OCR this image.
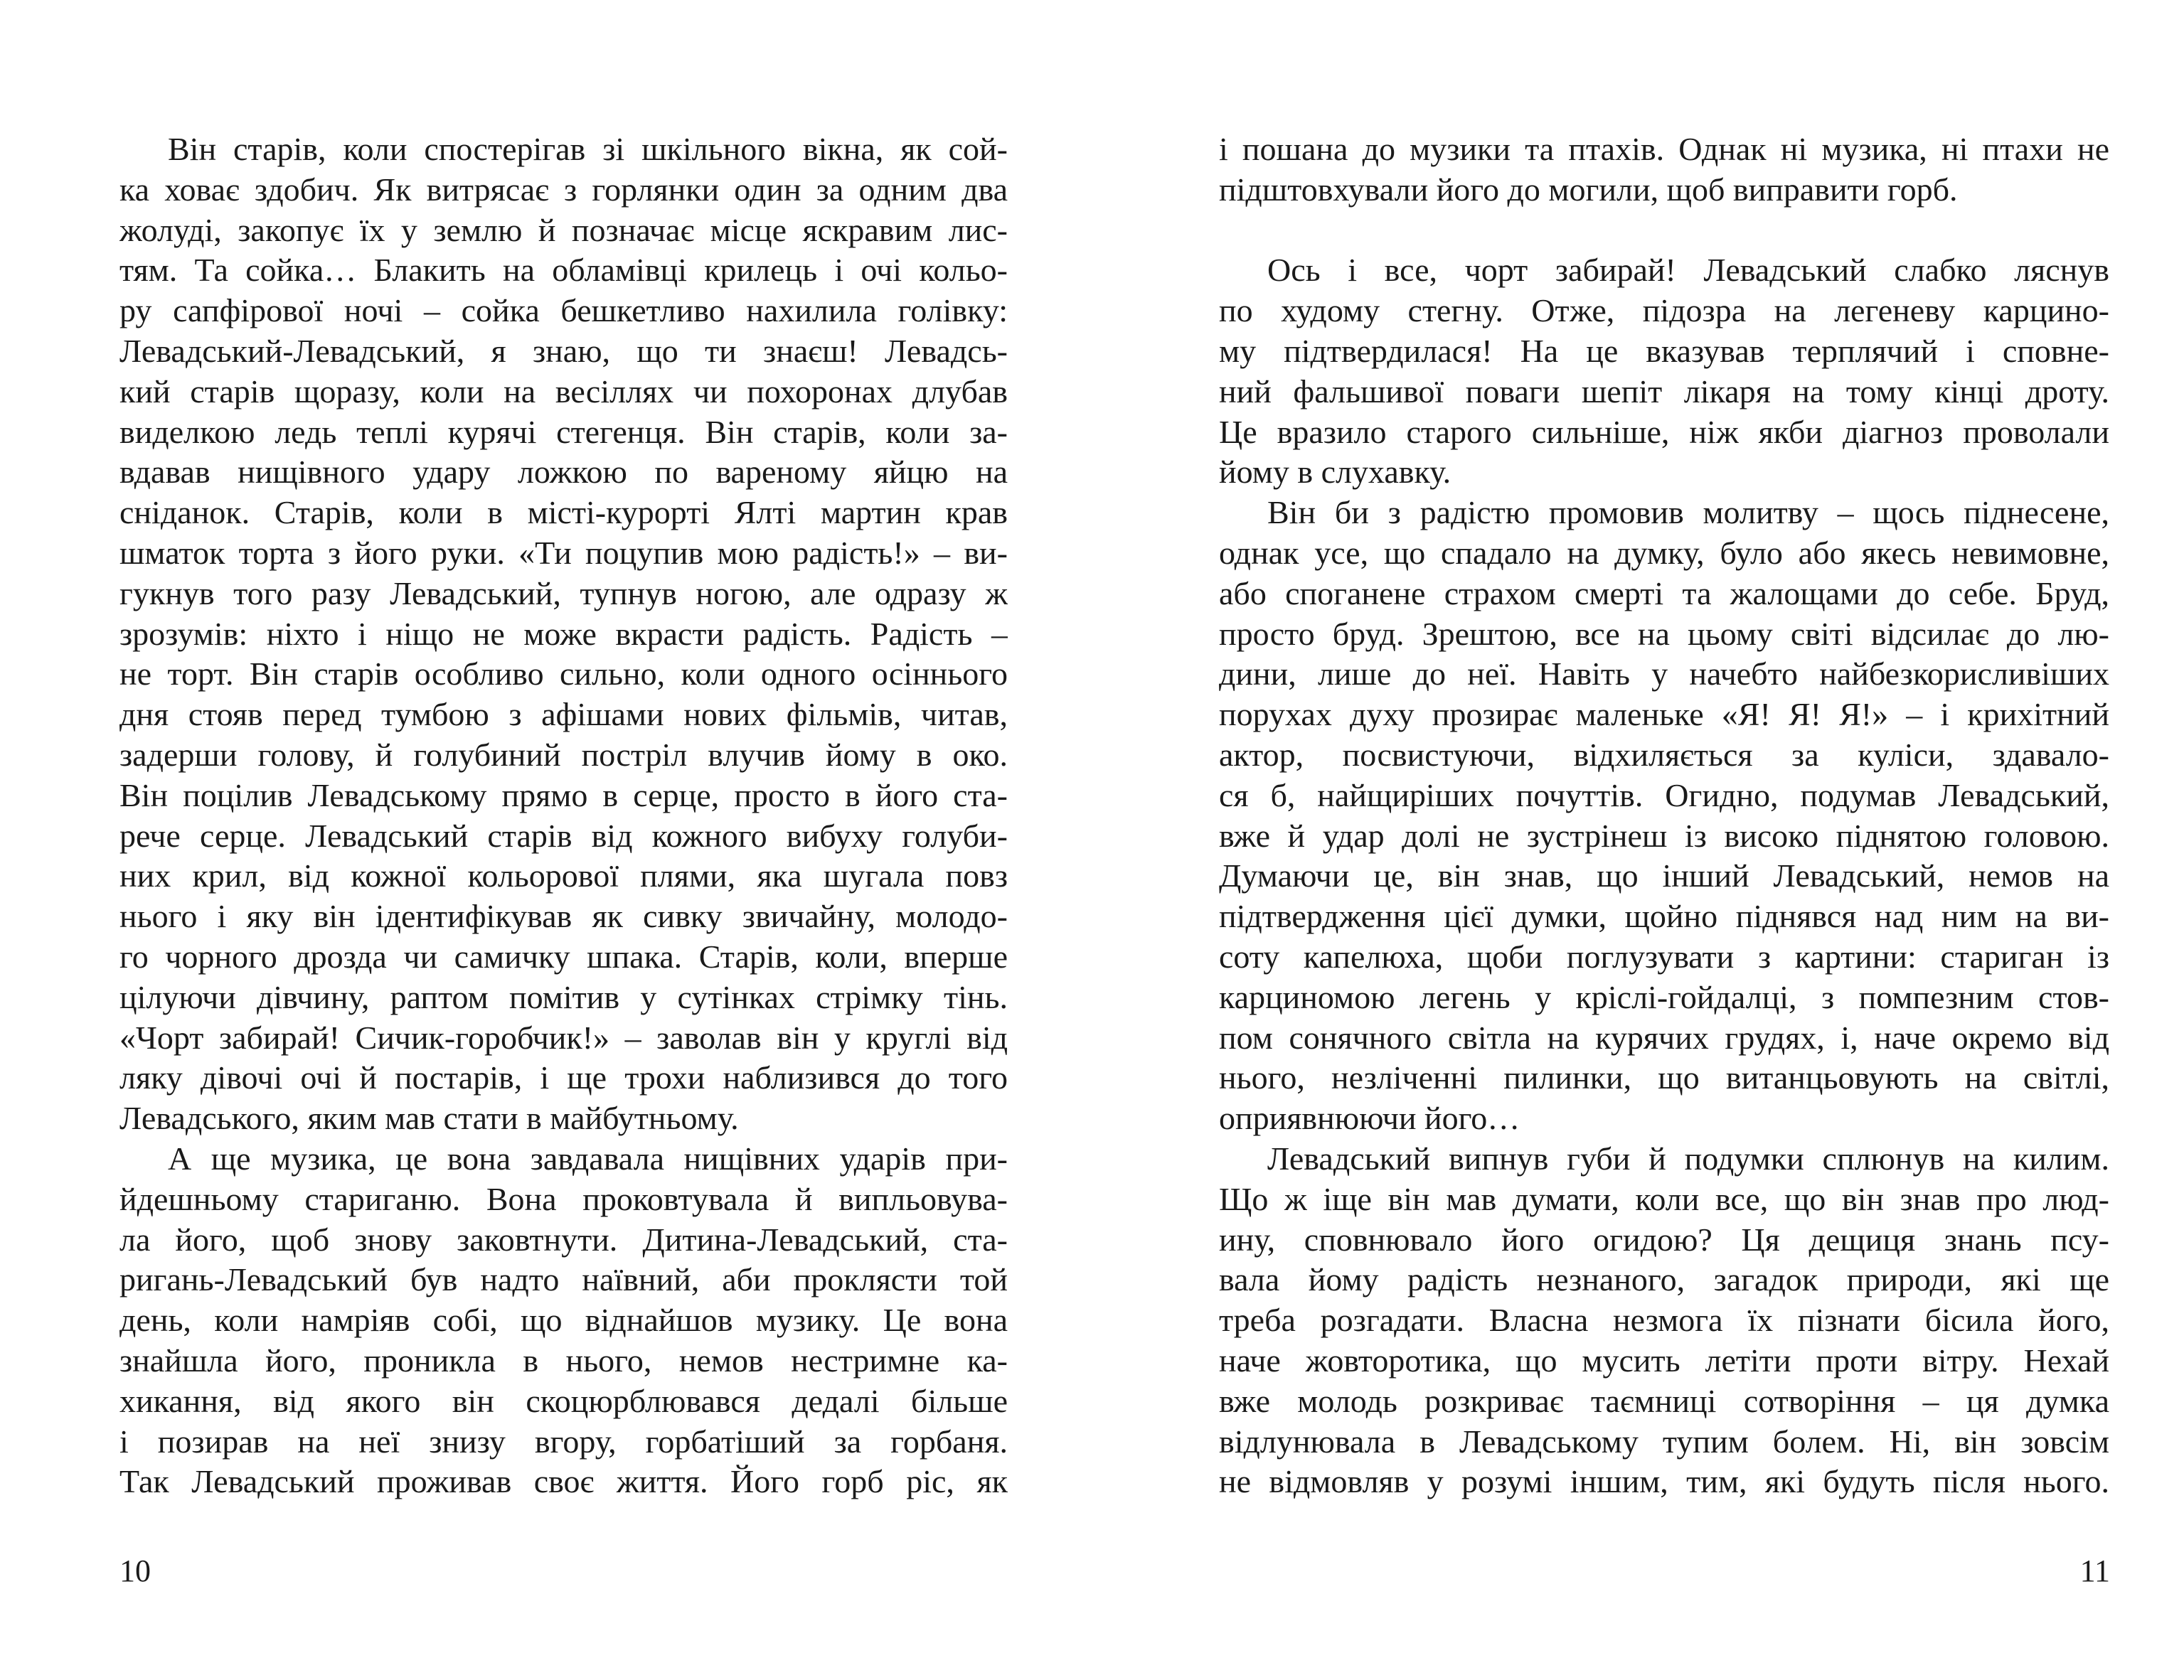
Він старів, коли спостерігав зі шкільного вікна, як сой-
ка ховає здобич. Як витрясає з горлянки один за одним два
жолуді, закопує їх у землю й позначає місце яскравим лис-
тям. Та сойка… Блакить на обламівці крилець і очі кольо-
ру сапфірової ночі – сойка бешкетливо нахилила голівку:
Левадський-Левадський, я знаю, що ти знаєш! Левадсь-
кий старів щоразу, коли на весіллях чи похоронах длубав
виделкою ледь теплі курячі стегенця. Він старів, коли за-
вдавав нищівного удару ложкою по вареному яйцю на
сніданок. Старів, коли в місті-курорті Ялті мартин крав
шматок торта з його руки. «Ти поцупив мою радість!» – ви-
гукнув того разу Левадський, тупнув ногою, але одразу ж
зрозумів: ніхто і ніщо не може вкрасти радість. Радість –
не торт. Він старів особливо сильно, коли одного осіннього
дня стояв перед тумбою з афішами нових фільмів, читав,
задерши голову, й голубиний постріл влучив йому в око.
Він поцілив Левадському прямо в серце, просто в його ста-
рече серце. Левадський старів від кожного вибуху голуби-
них крил, від кожної кольорової плями, яка шугала повз
нього і яку він ідентифікував як сивку звичайну, молодо-
го чорного дрозда чи самичку шпака. Старів, коли, вперше
цілуючи дівчину, раптом помітив у сутінках стрімку тінь.
«Чорт забирай! Сичик-горобчик!» – заволав він у круглі від
ляку дівочі очі й постарів, і ще трохи наблизився до того
Левадського, яким мав стати в майбутньому.
А ще музика, це вона завдавала нищівних ударів при-
йдешньому стариганю. Вона проковтувала й випльовува-
ла його, щоб знову заковтнути. Дитина-Левадський, ста-
ригань-Левадський був надто наївний, аби проклясти той
день, коли намріяв собі, що віднайшов музику. Це вона
знайшла його, проникла в нього, немов нестримне ка-
хикання, від якого він скоцюрблювався дедалі більше
і позирав на неї знизу вгору, горбатіший за горбаня.
Так Левадський проживав своє життя. Його горб ріс, як
і пошана до музики та птахів. Однак ні музика, ні птахи не
підштовхували його до могили, щоб виправити горб.
Ось і все, чорт забирай! Левадський слабко ляснув
по худому стегну. Отже, підозра на легеневу карцино-
му підтвердилася! На це вказував терплячий і сповне-
ний фальшивої поваги шепіт лікаря на тому кінці дроту.
Це вразило старого сильніше, ніж якби діагноз проволали
йому в слухавку.
Він би з радістю промовив молитву – щось піднесене,
однак усе, що спадало на думку, було або якесь невимовне,
або споганене страхом смерті та жалощами до себе. Бруд,
просто бруд. Зрештою, все на цьому світі відсилає до лю-
дини, лише до неї. Навіть у начебто найбезкорисливіших
порухах духу прозирає маленьке «Я! Я! Я!» – і крихітний
актор, посвистуючи, відхиляється за куліси, здавало-
ся б, найщиріших почуттів. Огидно, подумав Левадський,
вже й удар долі не зустрінеш із високо піднятою головою.
Думаючи це, він знав, що інший Левадський, немов на
підтвердження цієї думки, щойно піднявся над ним на ви-
соту капелюха, щоби поглузувати з картини: стариган із
карциномою легень у кріслі-гойдалці, з помпезним стов-
пом сонячного світла на курячих грудях, і, наче окремо від
нього, незліченні пилинки, що витанцьовують на світлі,
оприявнюючи його…
Левадський випнув губи й подумки сплюнув на килим.
Що ж іще він мав думати, коли все, що він знав про люд-
ину, сповнювало його огидою? Ця дещиця знань псу-
вала йому радість незнаного, загадок природи, які ще
треба розгадати. Власна незмога їх пізнати бісила його,
наче жовторотика, що мусить летіти проти вітру. Нехай
вже молодь розкриває таємниці сотворіння – ця думка
відлунювала в Левадському тупим болем. Ні, він зовсім
не відмовляв у розумі іншим, тим, які будуть після нього.
10	11
